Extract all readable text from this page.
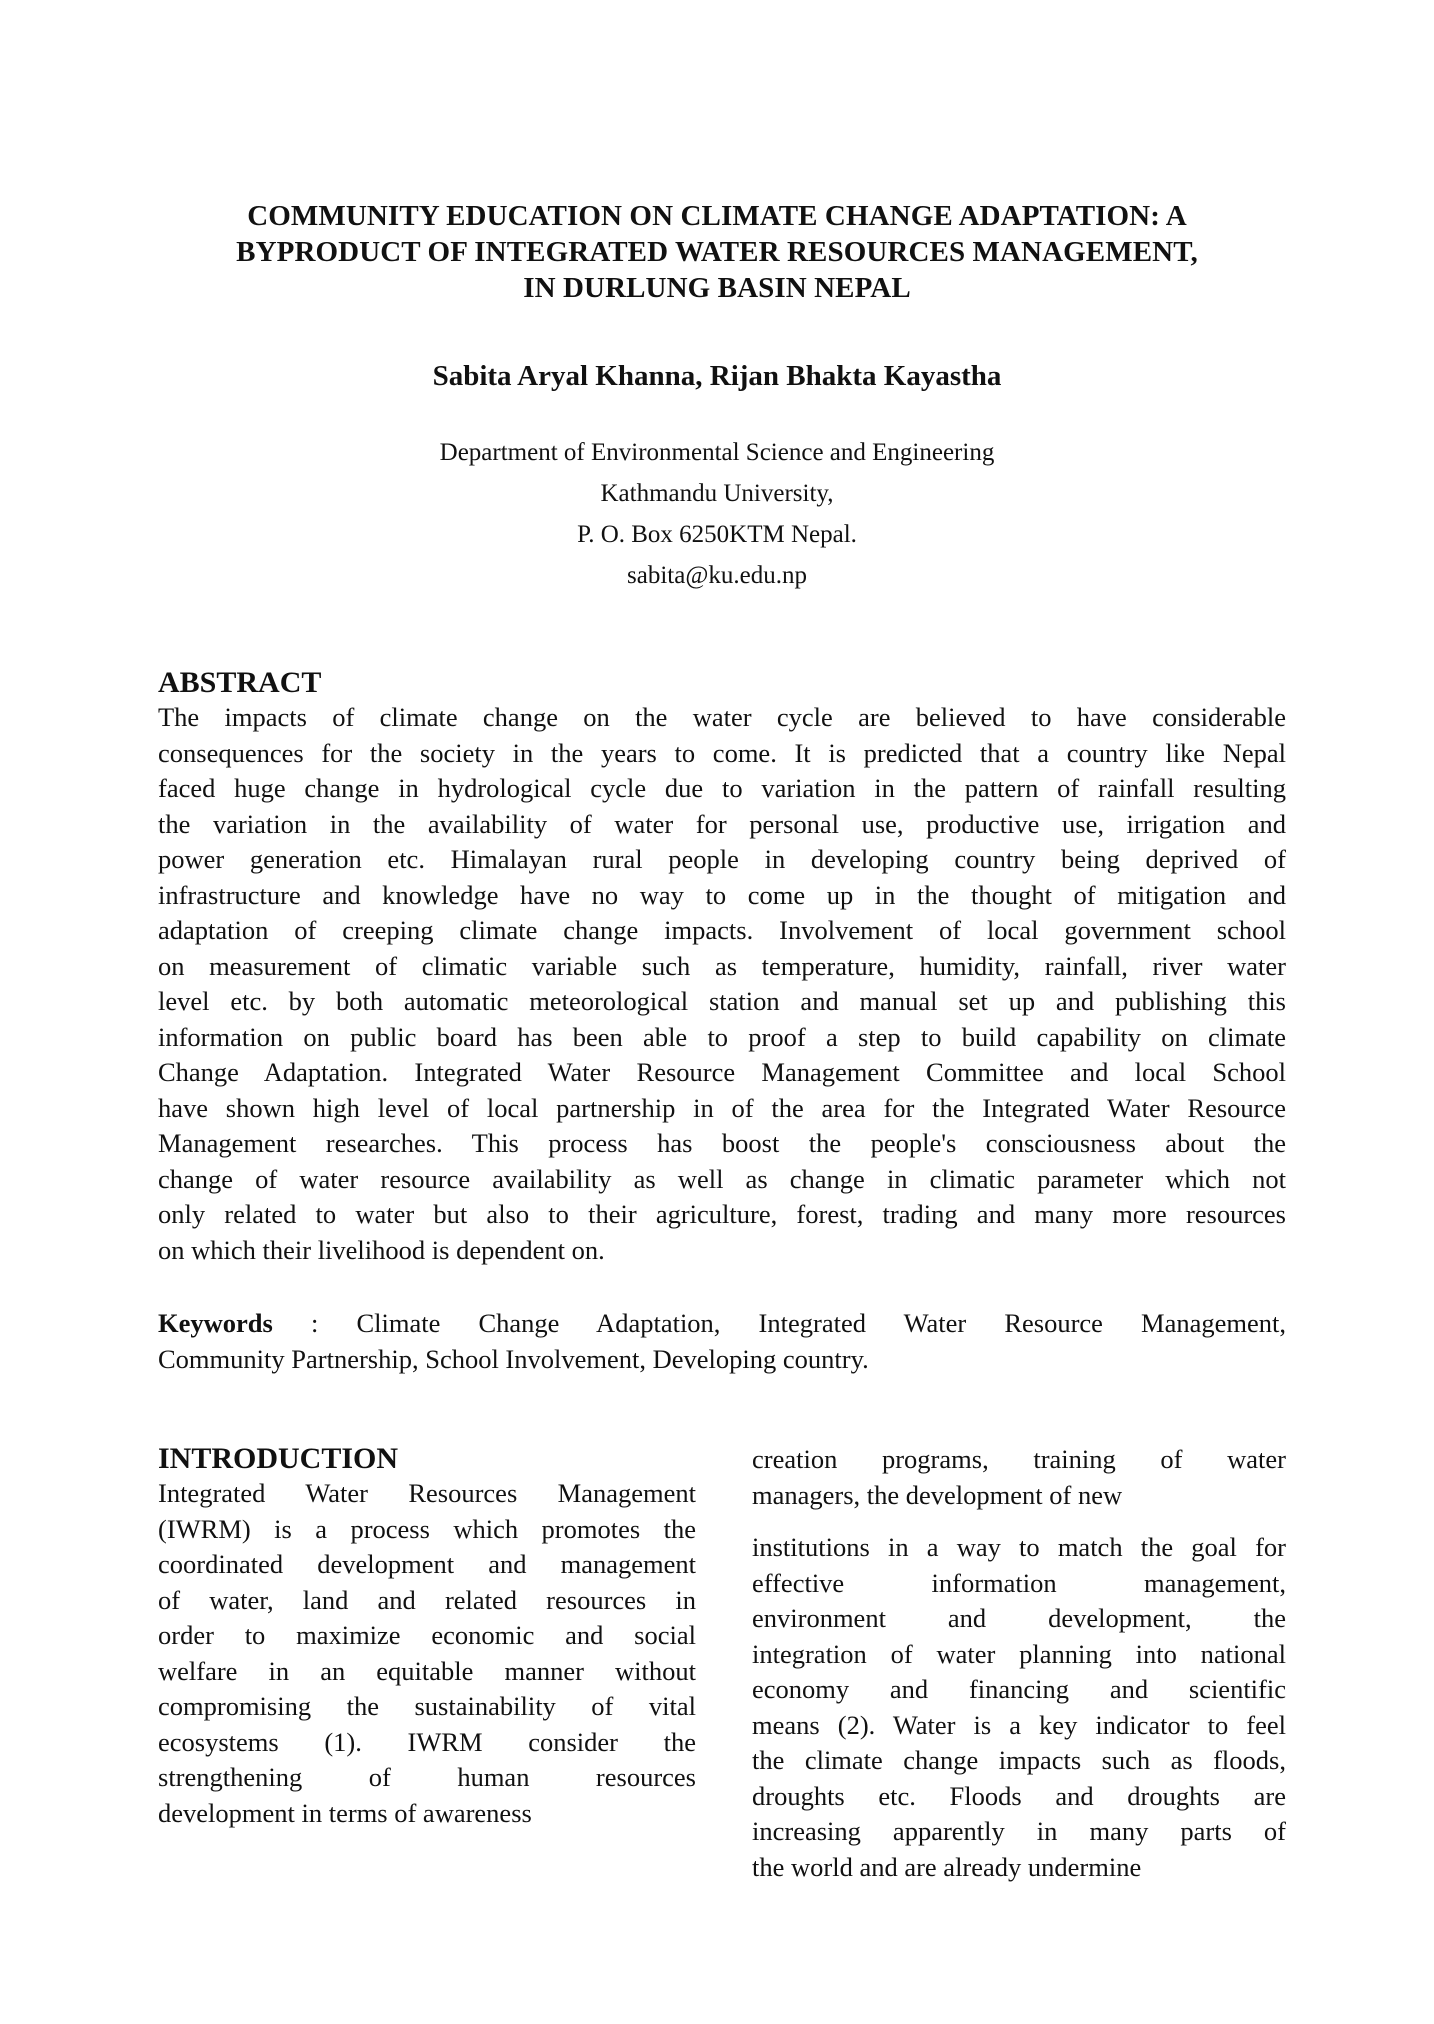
COMMUNITY EDUCATION ON CLIMATE CHANGE ADAPTATION: A
BYPRODUCT OF INTEGRATED WATER RESOURCES MANAGEMENT,
IN DURLUNG BASIN NEPAL
Sabita Aryal Khanna, Rijan Bhakta Kayastha
Department of Environmental Science and Engineering
Kathmandu University,
P. O. Box 6250KTM Nepal.
sabita@ku.edu.np
ABSTRACT
The impacts of climate change on the water cycle are believed to have considerable
consequences for the society in the years to come. It is predicted that a country like Nepal
faced huge change in hydrological cycle due to variation in the pattern of rainfall resulting
the variation in the availability of water for personal use, productive use, irrigation and
power generation etc. Himalayan rural people in developing country being deprived of
infrastructure and knowledge have no way to come up in the thought of mitigation and
adaptation of creeping climate change impacts. Involvement of local government school
on measurement of climatic variable such as temperature, humidity, rainfall, river water
level etc. by both automatic meteorological station and manual set up and publishing this
information on public board has been able to proof a step to build capability on climate
Change Adaptation. Integrated Water Resource Management Committee and local School
have shown high level of local partnership in of the area for the Integrated Water Resource
Management researches. This process has boost the people's consciousness about the
change of water resource availability as well as change in climatic parameter which not
only related to water but also to their agriculture, forest, trading and many more resources
on which their livelihood is dependent on.
Keywords : Climate Change Adaptation, Integrated Water Resource Management,
Community Partnership, School Involvement, Developing country.
INTRODUCTION
Integrated Water Resources Management
(IWRM) is a process which promotes the
coordinated development and management
of water, land and related resources in
order to maximize economic and social
welfare in an equitable manner without
compromising the sustainability of vital
ecosystems (1). IWRM consider the
strengthening of human resources
development in terms of awareness
creation programs, training of water
managers, the development of new
institutions in a way to match the goal for
effective information management,
environment and development, the
integration of water planning into national
economy and financing and scientific
means (2). Water is a key indicator to feel
the climate change impacts such as floods,
droughts etc. Floods and droughts are
increasing apparently in many parts of
the world and are already undermine
